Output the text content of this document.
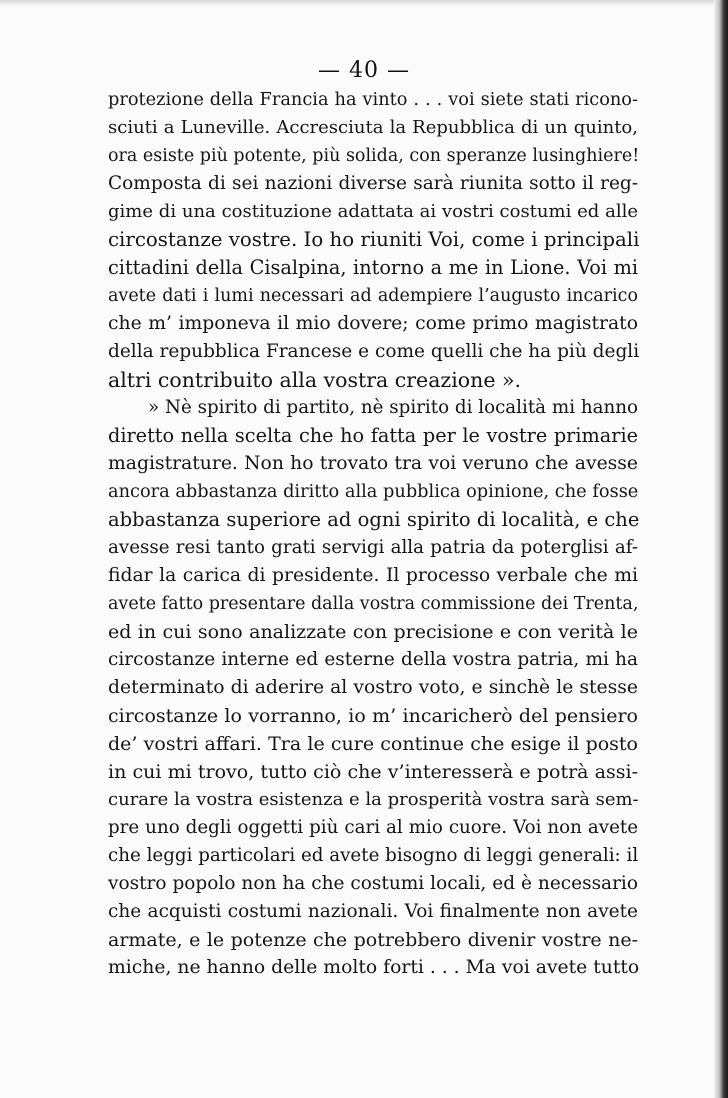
— 40 —
protezione della Francia ha vinto . . . voi siete stati ricono-
sciuti a Luneville. Accresciuta la Repubblica di un quinto,
ora esiste più potente, più solida, con speranze lusinghiere!
Composta di sei nazioni diverse sarà riunita sotto il reg-
gime di una costituzione adattata ai vostri costumi ed alle
circostanze vostre. Io ho riuniti Voi, come i principali
cittadini della Cisalpina, intorno a me in Lione. Voi mi
avete dati i lumi necessari ad adempiere l’augusto incarico
che m’ imponeva il mio dovere; come primo magistrato
della repubblica Francese e come quelli che ha più degli
altri contribuito alla vostra creazione ».
» Nè spirito di partito, nè spirito di località mi hanno
diretto nella scelta che ho fatta per le vostre primarie
magistrature. Non ho trovato tra voi veruno che avesse
ancora abbastanza diritto alla pubblica opinione, che fosse
abbastanza superiore ad ogni spirito di località, e che
avesse resi tanto grati servigi alla patria da poterglisi af-
fidar la carica di presidente. Il processo verbale che mi
avete fatto presentare dalla vostra commissione dei Trenta,
ed in cui sono analizzate con precisione e con verità le
circostanze interne ed esterne della vostra patria, mi ha
determinato di aderire al vostro voto, e sinchè le stesse
circostanze lo vorranno, io m’ incaricherò del pensiero
de’ vostri affari. Tra le cure continue che esige il posto
in cui mi trovo, tutto ciò che v’interesserà e potrà assi-
curare la vostra esistenza e la prosperità vostra sarà sem-
pre uno degli oggetti più cari al mio cuore. Voi non avete
che leggi particolari ed avete bisogno di leggi generali: il
vostro popolo non ha che costumi locali, ed è necessario
che acquisti costumi nazionali. Voi finalmente non avete
armate, e le potenze che potrebbero divenir vostre ne-
miche, ne hanno delle molto forti . . . Ma voi avete tutto
